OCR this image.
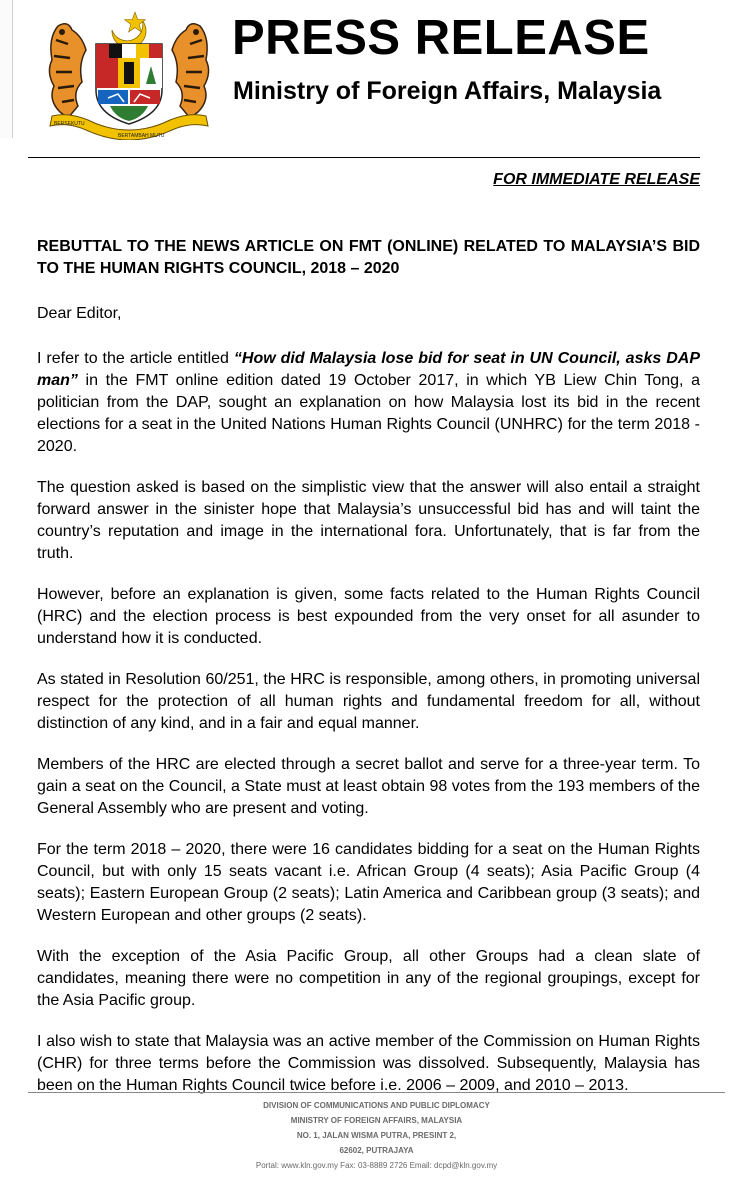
BERSEKUTU
BERTAMBAH MUTU
PRESS RELEASE
Ministry of Foreign Affairs, Malaysia
FOR IMMEDIATE RELEASE

REBUTTAL TO THE NEWS ARTICLE ON FMT (ONLINE) RELATED TO MALAYSIA’S BID TO THE HUMAN RIGHTS COUNCIL, 2018 – 2020

Dear Editor,

I refer to the article entitled “How did Malaysia lose bid for seat in UN Council, asks DAP man” in the FMT online edition dated 19 October 2017, in which YB Liew Chin Tong, a politician from the DAP, sought an explanation on how Malaysia lost its bid in the recent elections for a seat in the United Nations Human Rights Council (UNHRC) for the term 2018 - 2020.

The question asked is based on the simplistic view that the answer will also entail a straight forward answer in the sinister hope that Malaysia’s unsuccessful bid has and will taint the country’s reputation and image in the international fora. Unfortunately, that is far from the truth.

However, before an explanation is given, some facts related to the Human Rights Council (HRC) and the election process is best expounded from the very onset for all asunder to understand how it is conducted.

As stated in Resolution 60/251, the HRC is responsible, among others, in promoting universal respect for the protection of all human rights and fundamental freedom for all, without distinction of any kind, and in a fair and equal manner.

Members of the HRC are elected through a secret ballot and serve for a three-year term. To gain a seat on the Council, a State must at least obtain 98 votes from the 193 members of the General Assembly who are present and voting.

For the term 2018 – 2020, there were 16 candidates bidding for a seat on the Human Rights Council, but with only 15 seats vacant i.e. African Group (4 seats); Asia Pacific Group (4 seats); Eastern European Group (2 seats); Latin America and Caribbean group (3 seats); and Western European and other groups (2 seats).

With the exception of the Asia Pacific Group, all other Groups had a clean slate of candidates, meaning there were no competition in any of the regional groupings, except for the Asia Pacific group.

I also wish to state that Malaysia was an active member of the Commission on Human Rights (CHR) for three terms before the Commission was dissolved. Subsequently, Malaysia has been on the Human Rights Council twice before i.e. 2006 – 2009, and 2010 – 2013.

DIVISION OF COMMUNICATIONS AND PUBLIC DIPLOMACY
MINISTRY OF FOREIGN AFFAIRS, MALAYSIA
NO. 1, JALAN WISMA PUTRA, PRESINT 2,
62602, PUTRAJAYA
Portal: www.kln.gov.my Fax: 03-8889 2726 Email: dcpd@kln.gov.my
